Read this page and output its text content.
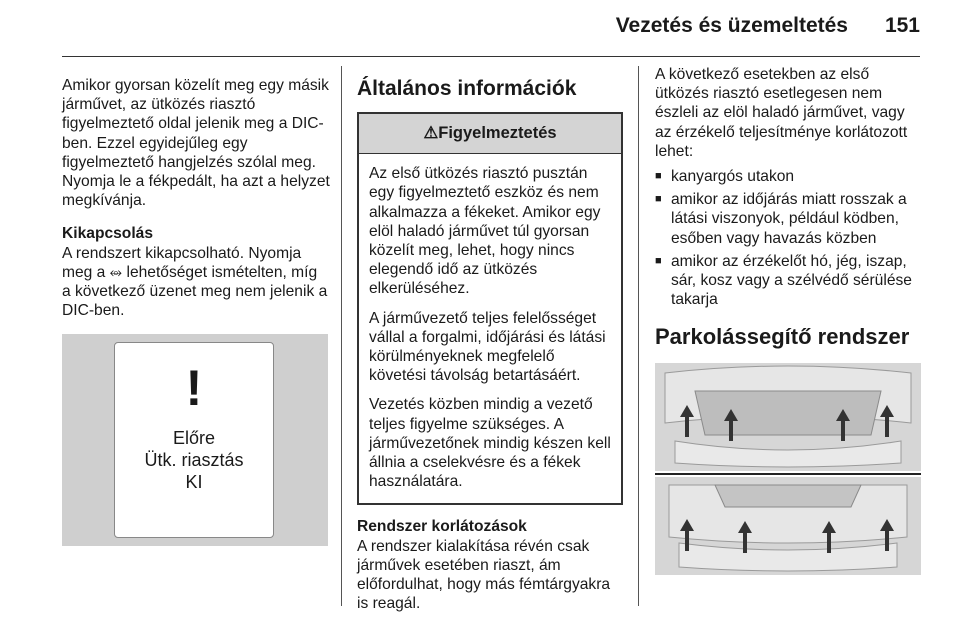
Vezetés és üzemeltetés 151

Amikor gyorsan közelít meg egy másik járművet, az ütközés riasztó figyelmeztető oldal jelenik meg a DIC-ben. Ezzel egyidejűleg egy figyelmeztető hangjelzés szólal meg. Nyomja le a fékpedált, ha azt a helyzet megkívánja.

Kikapcsolás

A rendszert kikapcsolható. Nyomja meg a ⥈ lehetőséget ismételten, míg a következő üzenet meg nem jelenik a DIC-ben.

!
Előre
Ütk. riasztás
KI
Általános információk
⚠Figyelmeztetés

Az első ütközés riasztó pusztán egy figyelmeztető eszköz és nem alkalmazza a fékeket. Amikor egy elöl haladó járművet túl gyorsan közelít meg, lehet, hogy nincs elegendő idő az ütközés elkerüléséhez.

A járművezető teljes felelősséget vállal a forgalmi, időjárási és látási körülményeknek megfelelő követési távolság betartásáért.

Vezetés közben mindig a vezető teljes figyelme szükséges. A járművezetőnek mindig készen kell állnia a cselekvésre és a fékek használatára.

Rendszer korlátozások

A rendszer kialakítása révén csak járművek esetében riaszt, ám előfordulhat, hogy más fémtárgyakra is reagál.

A következő esetekben az első ütközés riasztó esetlegesen nem észleli az elöl haladó járművet, vagy az érzékelő teljesítménye korlátozott lehet:

■ kanyargós utakon
■ amikor az időjárás miatt rosszak a látási viszonyok, például ködben, esőben vagy havazás közben
■ amikor az érzékelőt hó, jég, iszap, sár, kosz vagy a szélvédő sérülése takarja
Parkolássegítő rendszer
